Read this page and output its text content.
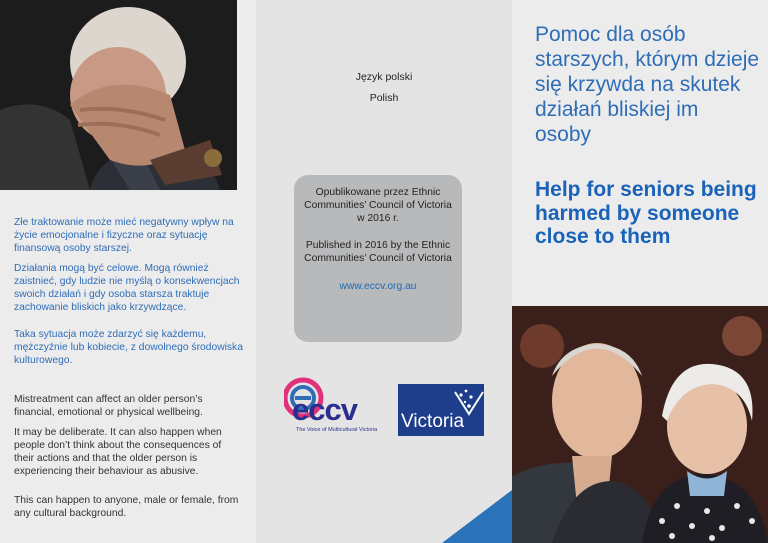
Złe traktowanie może mieć negatywny wpływ na życie emocjonalne i fizyczne oraz sytuację finansową osoby starszej.
Działania mogą być celowe. Mogą również zaistnieć, gdy ludzie nie myślą o konsekwencjach swoich działań i gdy osoba starsza traktuje zachowanie bliskich jako krzywdzące.
Taka sytuacja może zdarzyć się każdemu, mężczyźnie lub kobiecie, z dowolnego środowiska kulturowego.
Mistreatment can affect an older person’s financial, emotional or physical wellbeing.
It may be deliberate. It can also happen when people don’t think about the consequences of their actions and that the older person is experiencing their behaviour as abusive.
This can happen to anyone, male or female, from any cultural background.
Język polski
Polish

Opublikowane przez Ethnic Communities’ Council of Victoria w 2016 r.

Published in 2016 by the Ethnic Communities’ Council of Victoria

www.eccv.org.au

eccv
The Voice of Multicultural Victoria	Victoria
Pomoc dla osób starszych, którym dzieje się krzywda na skutek działań bliskiej im osoby
Help for seniors being harmed by someone close to them
